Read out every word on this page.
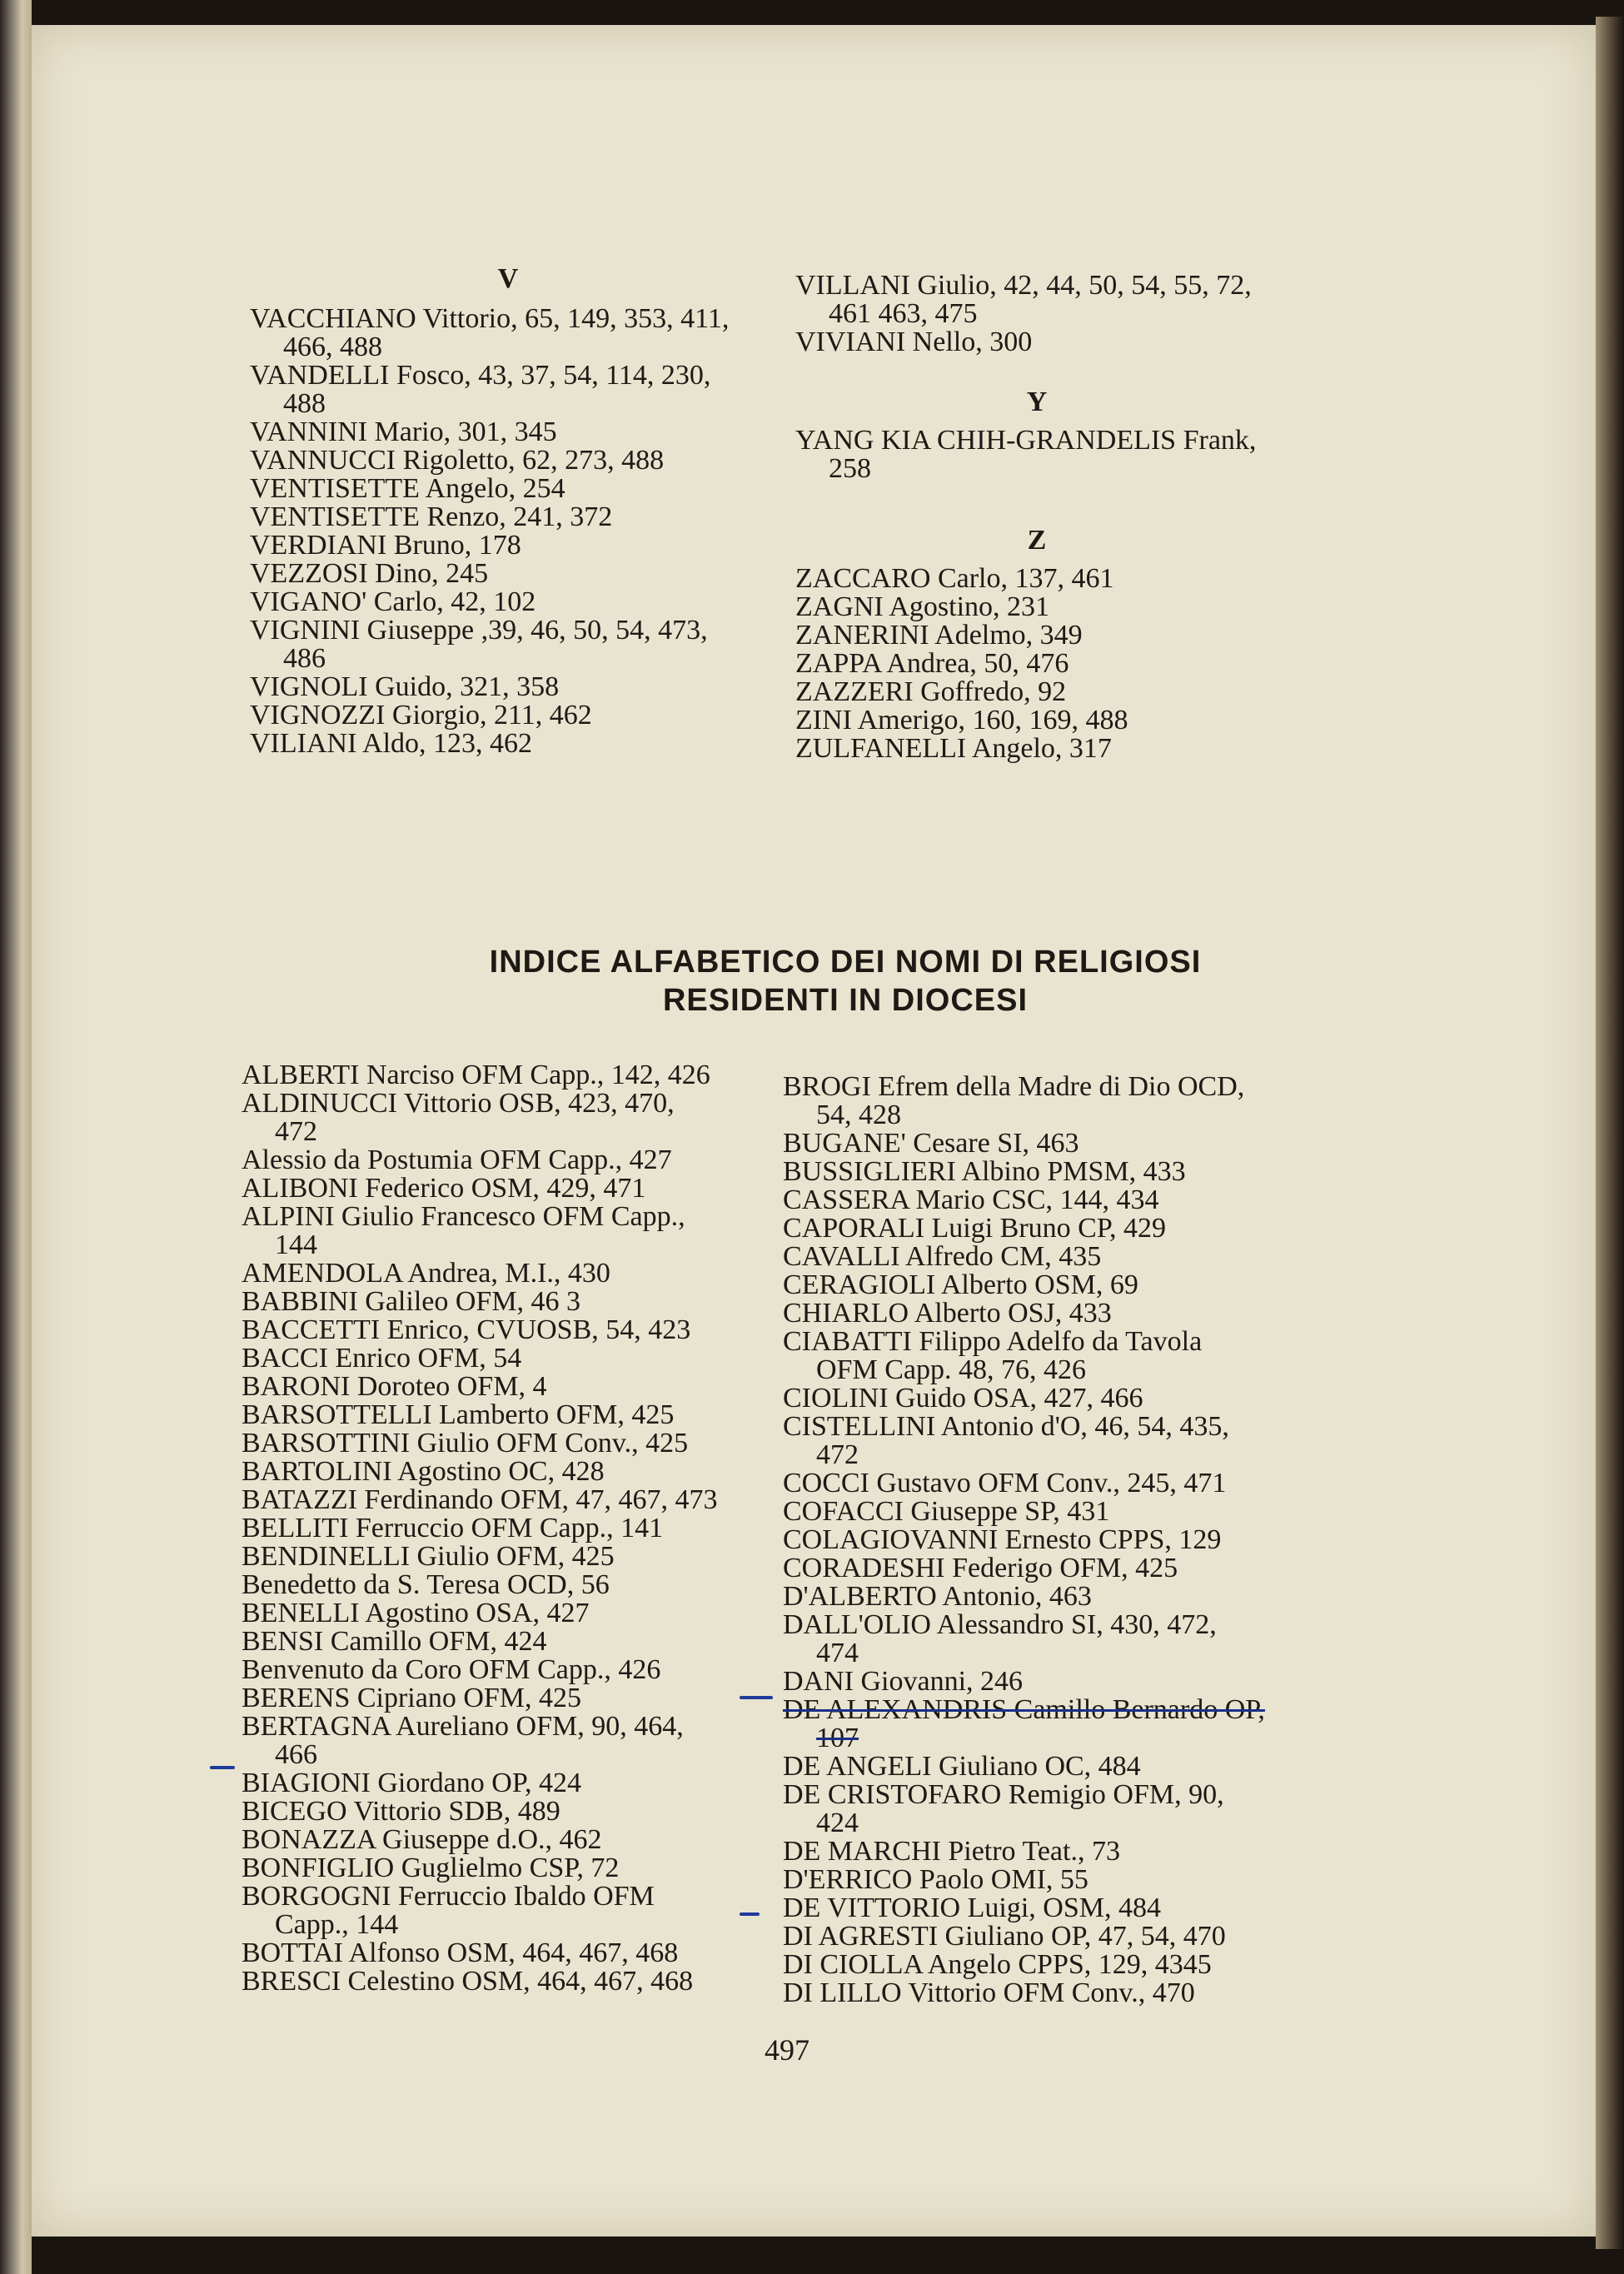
V
VACCHIANO Vittorio, 65, 149, 353, 411,
466, 488
VANDELLI Fosco, 43, 37, 54, 114, 230,
488
VANNINI Mario, 301, 345
VANNUCCI Rigoletto, 62, 273, 488
VENTISETTE Angelo, 254
VENTISETTE Renzo, 241, 372
VERDIANI Bruno, 178
VEZZOSI Dino, 245
VIGANO' Carlo, 42, 102
VIGNINI Giuseppe ,39, 46, 50, 54, 473,
486
VIGNOLI Guido, 321, 358
VIGNOZZI Giorgio, 211, 462
VILIANI Aldo, 123, 462
VILLANI Giulio, 42, 44, 50, 54, 55, 72,
461 463, 475
VIVIANI Nello, 300
Y
YANG KIA CHIH-GRANDELIS Frank,
258
Z
ZACCARO Carlo, 137, 461
ZAGNI Agostino, 231
ZANERINI Adelmo, 349
ZAPPA Andrea, 50, 476
ZAZZERI Goffredo, 92
ZINI Amerigo, 160, 169, 488
ZULFANELLI Angelo, 317
INDICE ALFABETICO DEI NOMI DI RELIGIOSI
RESIDENTI IN DIOCESI
ALBERTI Narciso OFM Capp., 142, 426
ALDINUCCI Vittorio OSB, 423, 470,
472
Alessio da Postumia OFM Capp., 427
ALIBONI Federico OSM, 429, 471
ALPINI Giulio Francesco OFM Capp.,
144
AMENDOLA Andrea, M.I., 430
BABBINI Galileo OFM, 46 3
BACCETTI Enrico, CVUOSB, 54, 423
BACCI Enrico OFM, 54
BARONI Doroteo OFM, 4
BARSOTTELLI Lamberto OFM, 425
BARSOTTINI Giulio OFM Conv., 425
BARTOLINI Agostino OC, 428
BATAZZI Ferdinando OFM, 47, 467, 473
BELLITI Ferruccio OFM Capp., 141
BENDINELLI Giulio OFM, 425
Benedetto da S. Teresa OCD, 56
BENELLI Agostino OSA, 427
BENSI Camillo OFM, 424
Benvenuto da Coro OFM Capp., 426
BERENS Cipriano OFM, 425
BERTAGNA Aureliano OFM, 90, 464,
466
BIAGIONI Giordano OP, 424
BICEGO Vittorio SDB, 489
BONAZZA Giuseppe d.O., 462
BONFIGLIO Guglielmo CSP, 72
BORGOGNI Ferruccio Ibaldo OFM
Capp., 144
BOTTAI Alfonso OSM, 464, 467, 468
BRESCI Celestino OSM, 464, 467, 468
BROGI Efrem della Madre di Dio OCD,
54, 428
BUGANE' Cesare SI, 463
BUSSIGLIERI Albino PMSM, 433
CASSERA Mario CSC, 144, 434
CAPORALI Luigi Bruno CP, 429
CAVALLI Alfredo CM, 435
CERAGIOLI Alberto OSM, 69
CHIARLO Alberto OSJ, 433
CIABATTI Filippo Adelfo da Tavola
OFM Capp. 48, 76, 426
CIOLINI Guido OSA, 427, 466
CISTELLINI Antonio d'O, 46, 54, 435,
472
COCCI Gustavo OFM Conv., 245, 471
COFACCI Giuseppe SP, 431
COLAGIOVANNI Ernesto CPPS, 129
CORADESHI Federigo OFM, 425
D'ALBERTO Antonio, 463
DALL'OLIO Alessandro SI, 430, 472,
474
DANI Giovanni, 246
DE ALEXANDRIS Camillo Bernardo OP,
107
DE ANGELI Giuliano OC, 484
DE CRISTOFARO Remigio OFM, 90,
424
DE MARCHI Pietro Teat., 73
D'ERRICO Paolo OMI, 55
DE VITTORIO Luigi, OSM, 484
DI AGRESTI Giuliano OP, 47, 54, 470
DI CIOLLA Angelo CPPS, 129, 4345
DI LILLO Vittorio OFM Conv., 470
497
